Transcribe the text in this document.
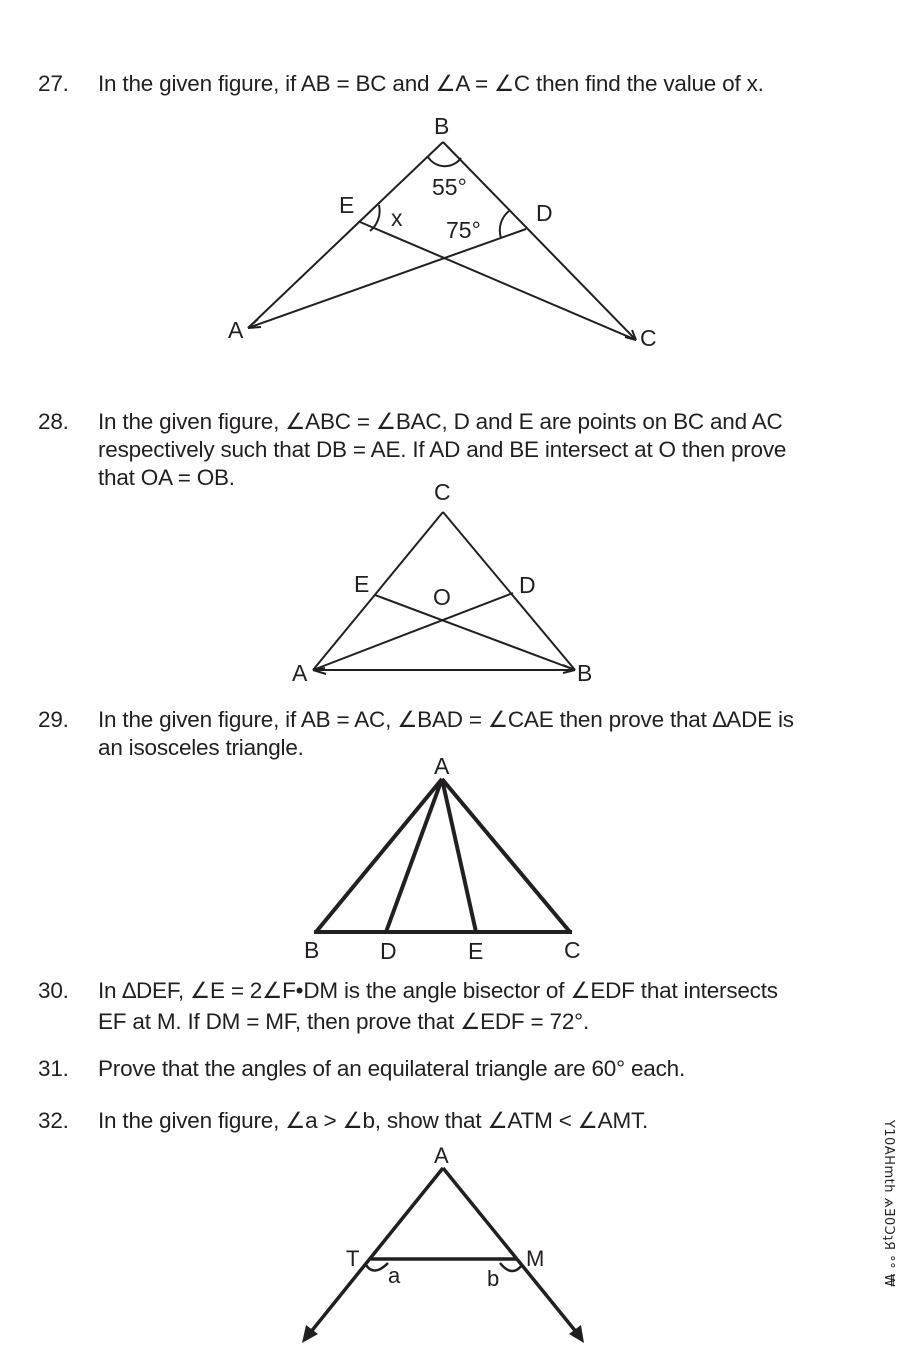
27. In the given figure, if AB = BC and ∠A = ∠C then find the value of x.
B
E	D
A	C
x
55°
75°
28. In the given figure, ∠ABC = ∠BAC, D and E are points on BC and AC
respectively such that DB = AE. If AD and BE intersect at O then prove
that OA = OB.
C
E	D
O
A	B
29. In the given figure, if AB = AC, ∠BAD = ∠CAE then prove that ∆ADE is
an isosceles triangle.
A
B	D	E	C
30. In ∆DEF, ∠E = 2∠F•DM is the angle bisector of ∠EDF that intersects
EF at M. If DM = MF, then prove that ∠EDF = 72°.
31. Prove that the angles of an equilateral triangle are 60° each.
32. In the given figure, ∠a > ∠b, show that ∠ATM < ∠AMT.
A
T	M
a	b	Y10AHmth ѧƎ0ƆʇЯ °° ₩
